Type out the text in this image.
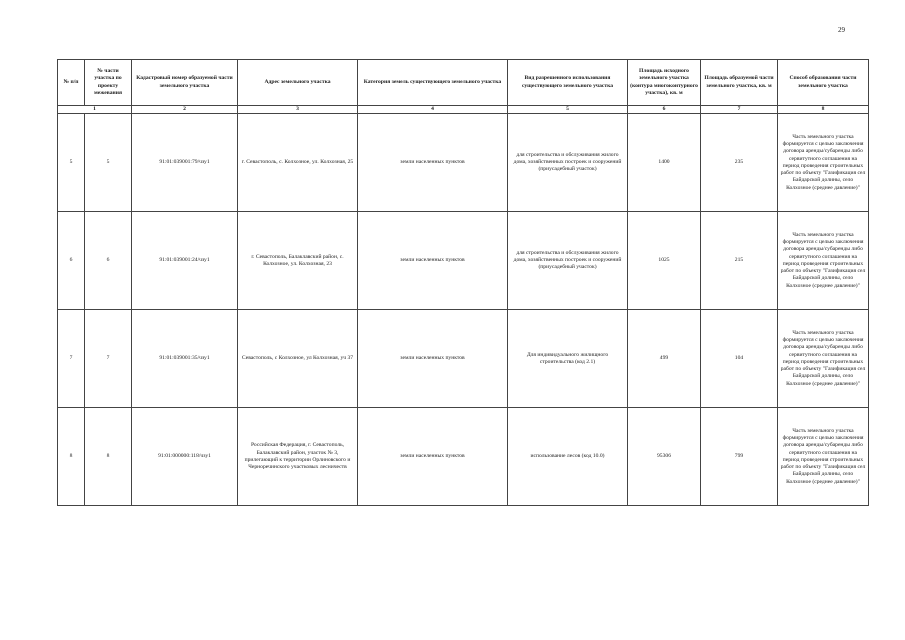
29
№ п/п	№ части участка по проекту межевания	Кадастровый номер образуемой части земельного участка	Адрес земельного участка	Категория земель существующего земельного участка	Вид разрешенного использования существующего земельного участка	Площадь исходного земельного участка (контура многоконтурного участка), кв. м	Площадь образуемой части земельного участка, кв. м	Способ образования части земельного участка
1		2	3	4	5	6	7	8
5	5	91:01:039001:79/чзу1	г. Севастополь, с. Колхозное, ул. Колхозная, 25	земли населенных пунктов	для строительства и обслуживания жилого дома, хозяйственных построек и сооружений (приусадебный участок)	1400	235	Часть земельного участка формируется с целью заключения договора аренды/субаренды либо сервитутного соглашения на период проведения строительных работ по объекту "Газификация сел Байдарской долины, село Колхозное (среднее давление)"
6	6	91:01:039001:24/чзу1	г. Севастополь, Балаклавский район, с. Колхозное, ул. Колхозная, 23	земли населенных пунктов	для строительства и обслуживания жилого дома, хозяйственных построек и сооружений (приусадебный участок)	1025	215	Часть земельного участка формируется с целью заключения договора аренды/субаренды либо сервитутного соглашения на период проведения строительных работ по объекту "Газификация сел Байдарской долины, село Колхозное (среднее давление)"
7	7	91:01:039001:35/чзу1	Севастополь, с Колхозное, ул Колхозная, уч 37	земли населенных пунктов	Для индивидуального жилищного строительства (код 2.1)	499	104	Часть земельного участка формируется с целью заключения договора аренды/субаренды либо сервитутного соглашения на период проведения строительных работ по объекту "Газификация сел Байдарской долины, село Колхозное (среднее давление)"
8	8	91:01:000000:118/чзу1	Российская Федерация, г. Севастополь, Балаклавский район, участок № 3, прилегающий к территории Орлиновского и Черноречинского участковых лесничеств	земли населенных пунктов	использование лесов (код 10.0)	95306	799	Часть земельного участка формируется с целью заключения договора аренды/субаренды либо сервитутного соглашения на период проведения строительных работ по объекту "Газификация сел Байдарской долины, село Колхозное (среднее давление)"
